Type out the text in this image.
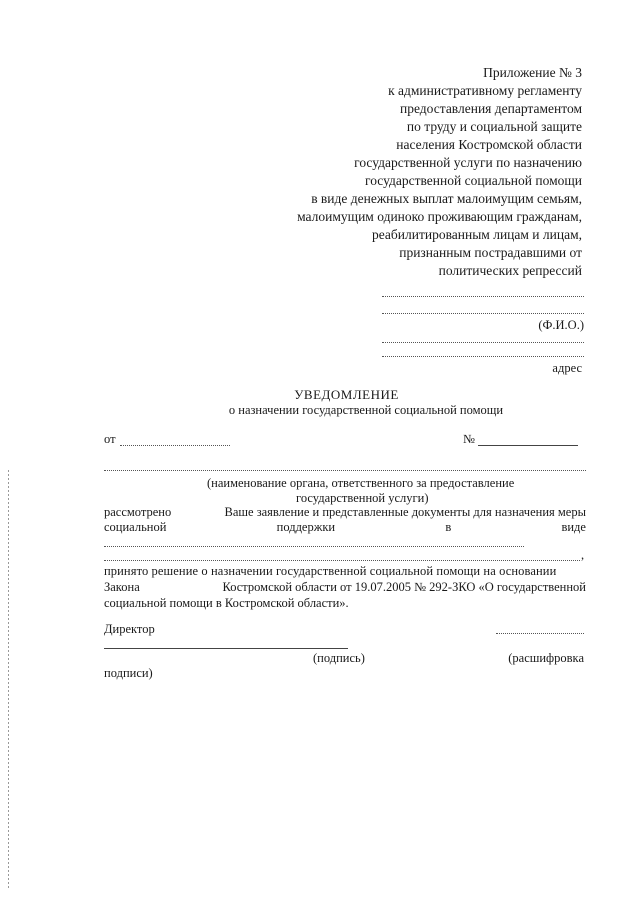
Приложение № 3
к административному регламенту
предоставления департаментом
по труду и социальной защите
населения Костромской области
государственной услуги по назначению
государственной социальной помощи
в виде денежных выплат малоимущим семьям,
малоимущим одиноко проживающим гражданам,
реабилитированным лицам и лицам,
признанным пострадавшими от
политических репрессий
(Ф.И.О.)
адрес
УВЕДОМЛЕНИЕ
о назначении государственной социальной помощи
от	№
(наименование органа, ответственного за предоставление
государственной услуги)
рассмотрено	Ваше заявление и представленные документы для назначения меры
социальной	поддержки	в	виде
,
принято решение о назначении государственной социальной помощи на основании
Закона	Костромской области от 19.07.2005 № 292-ЗКО «О государственной
социальной помощи в Костромской области».
Директор
(подпись)	(расшифровка
подписи)
